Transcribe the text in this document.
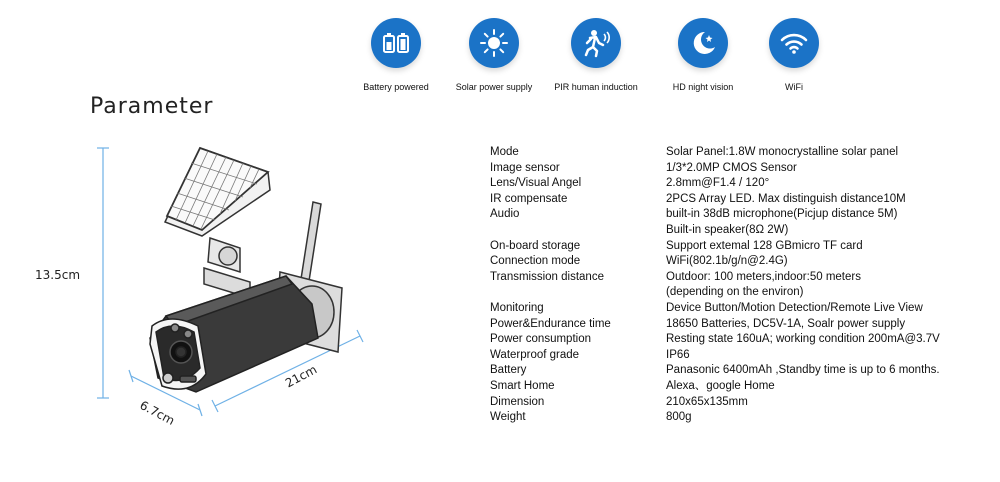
Battery powered	Solar power supply	PIR human induction	HD night vision	WiFi
Parameter
13.5cm
6.7cm
21cm
Mode	Solar Panel:1.8W monocrystalline solar panel
Image sensor	1/3*2.0MP CMOS Sensor
Lens/Visual Angel	2.8mm@F1.4 / 120°
IR compensate	2PCS Array LED. Max distinguish distance10M
Audio	built-in 38dB microphone(Picjup distance 5M)
Built-in speaker(8Ω 2W)
On-board storage	Support extemal 128 GBmicro TF card
Connection mode	WiFi(802.1b/g/n@2.4G)
Transmission distance	Outdoor: 100 meters,indoor:50 meters
(depending on the environ)
Monitoring	Device Button/Motion Detection/Remote Live View
Power&Endurance time	18650 Batteries, DC5V-1A, Soalr power supply
Power consumption	Resting state 160uA; working condition 200mA@3.7V
Waterproof grade	IP66
Battery	Panasonic 6400mAh ,Standby time is up to 6 months.
Smart Home	Alexa、google Home
Dimension	210x65x135mm
Weight	800g
